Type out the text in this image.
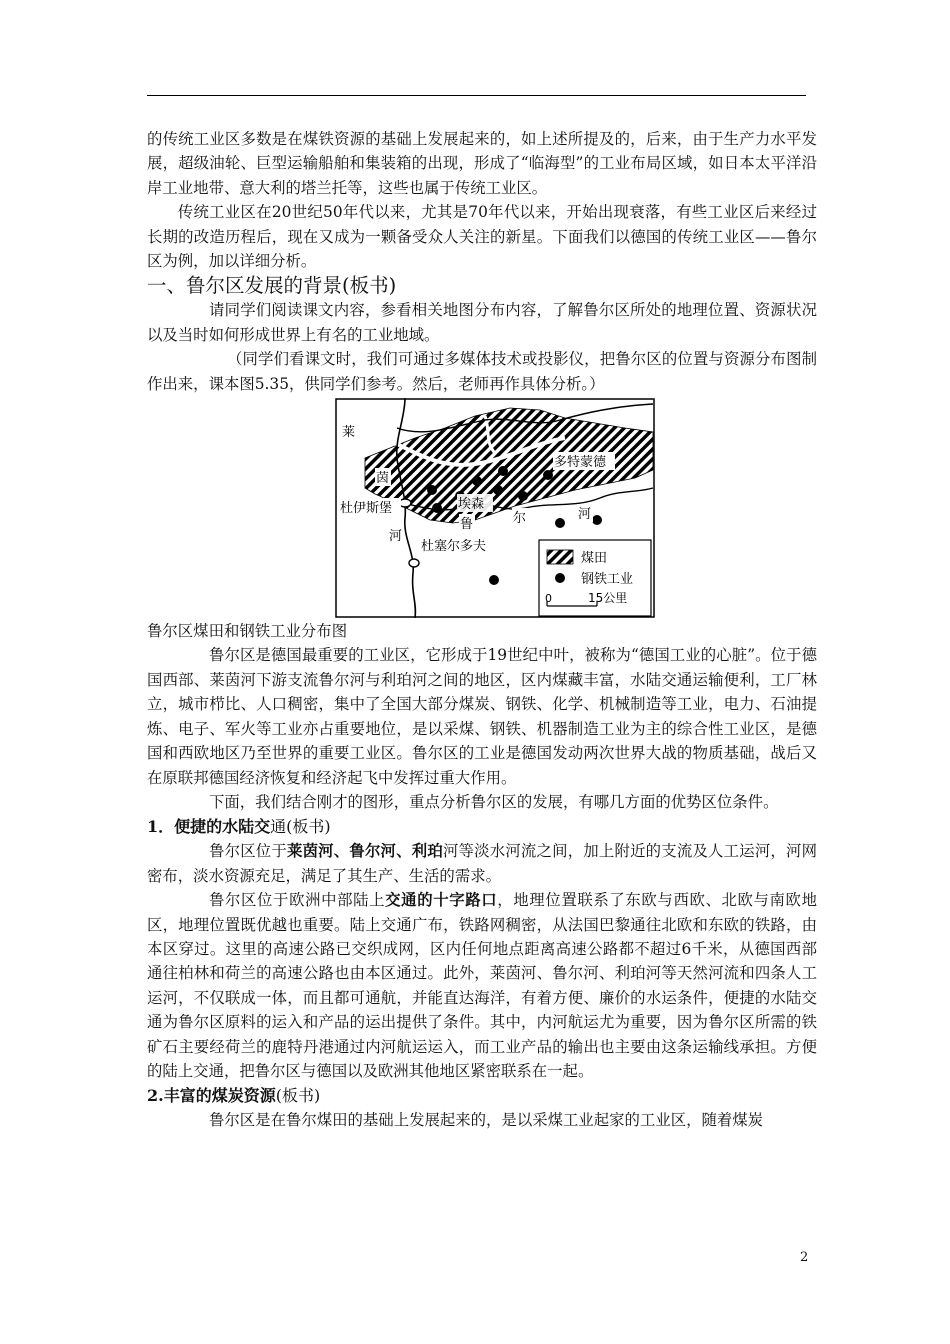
的传统工业区多数是在煤铁资源的基础上发展起来的，如上述所提及的，后来，由于生产力水平发展，超级油轮、巨型运输船舶和集装箱的出现，形成了“临海型”的工业布局区域，如日本太平洋沿岸工业地带、意大利的塔兰托等，这些也属于传统工业区。

传统工业区在20世纪50年代以来，尤其是70年代以来，开始出现衰落，有些工业区后来经过长期的改造历程后，现在又成为一颗备受众人关注的新星。下面我们以德国的传统工业区——鲁尔区为例，加以详细分析。

一、鲁尔区发展的背景(板书)

请同学们阅读课文内容，参看相关地图分布内容，了解鲁尔区所处的地理位置、资源状况以及当时如何形成世界上有名的工业地域。

（同学们看课文时，我们可通过多媒体技术或投影仪，把鲁尔区的位置与资源分布图制作出来，课本图5.35，供同学们参考。然后，老师再作具体分析。）

莱
茵
杜伊斯堡
河
埃森
多特蒙德
鲁	尔	河
杜塞尔多夫
煤田
钢铁工业
0	15公里

鲁尔区煤田和钢铁工业分布图

鲁尔区是德国最重要的工业区，它形成于19世纪中叶，被称为“德国工业的心脏”。位于德国西部、莱茵河下游支流鲁尔河与利珀河之间的地区，区内煤藏丰富，水陆交通运输便利，工厂林立，城市栉比、人口稠密，集中了全国大部分煤炭、钢铁、化学、机械制造等工业，电力、石油提炼、电子、军火等工业亦占重要地位，是以采煤、钢铁、机器制造工业为主的综合性工业区，是德国和西欧地区乃至世界的重要工业区。鲁尔区的工业是德国发动两次世界大战的物质基础，战后又在原联邦德国经济恢复和经济起飞中发挥过重大作用。

下面，我们结合刚才的图形，重点分析鲁尔区的发展，有哪几方面的优势区位条件。

1．便捷的水陆交通(板书)

鲁尔区位于莱茵河、鲁尔河、利珀河等淡水河流之间，加上附近的支流及人工运河，河网密布，淡水资源充足，满足了其生产、生活的需求。

鲁尔区位于欧洲中部陆上交通的十字路口，地理位置联系了东欧与西欧、北欧与南欧地区，地理位置既优越也重要。陆上交通广布，铁路网稠密，从法国巴黎通往北欧和东欧的铁路，由本区穿过。这里的高速公路已交织成网，区内任何地点距离高速公路都不超过6千米，从德国西部通往柏林和荷兰的高速公路也由本区通过。此外，莱茵河、鲁尔河、利珀河等天然河流和四条人工运河，不仅联成一体，而且都可通航，并能直达海洋，有着方便、廉价的水运条件，便捷的水陆交通为鲁尔区原料的运入和产品的运出提供了条件。其中，内河航运尤为重要，因为鲁尔区所需的铁矿石主要经荷兰的鹿特丹港通过内河航运运入，而工业产品的输出也主要由这条运输线承担。方便的陆上交通，把鲁尔区与德国以及欧洲其他地区紧密联系在一起。

2.丰富的煤炭资源(板书)

鲁尔区是在鲁尔煤田的基础上发展起来的，是以采煤工业起家的工业区，随着煤炭

2
